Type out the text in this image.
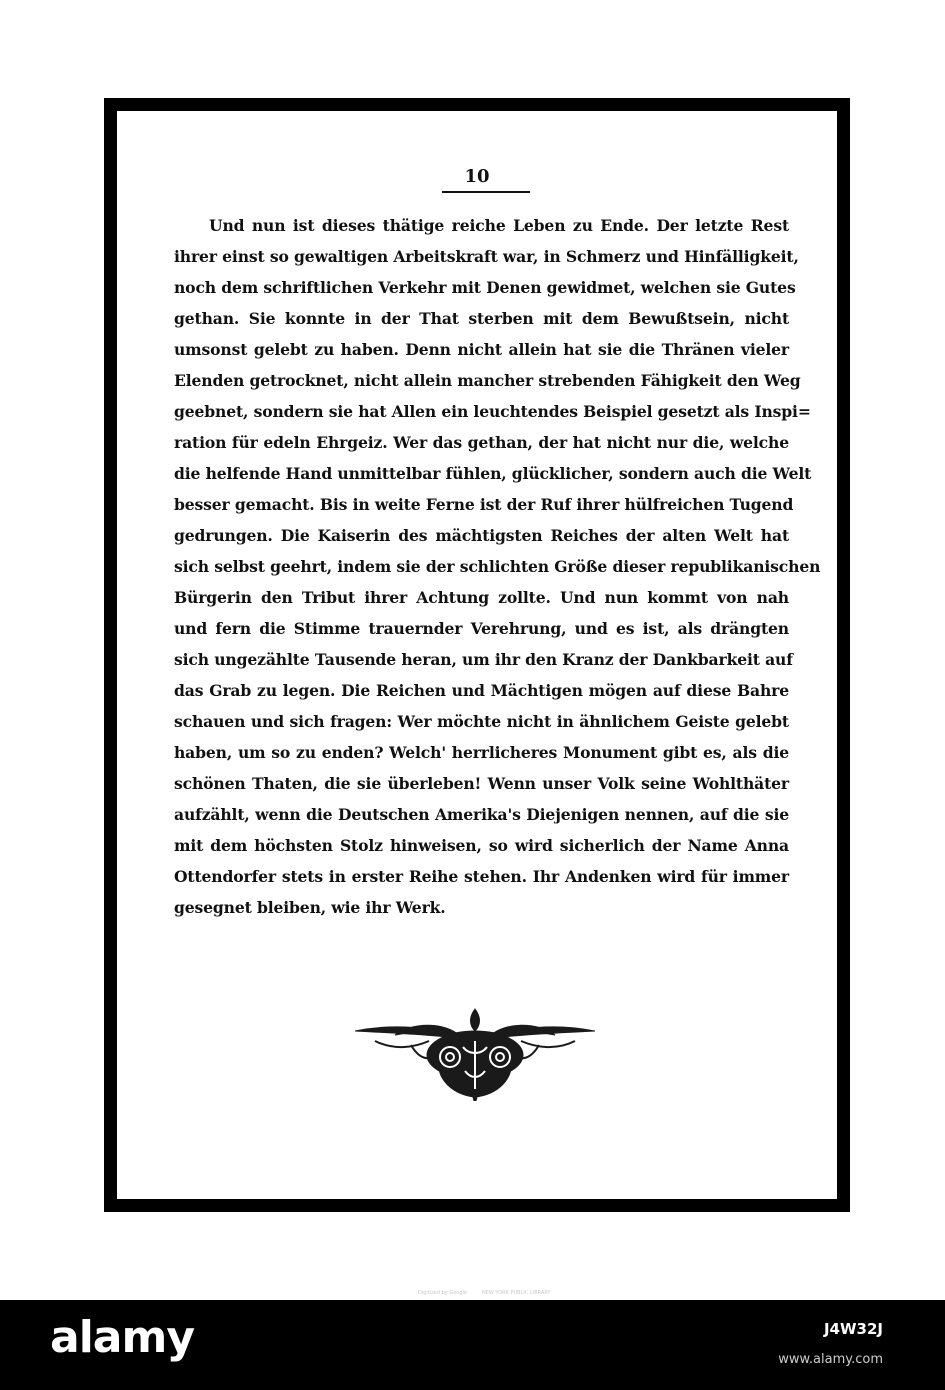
10
Und nun ist dieses thätige reiche Leben zu Ende. Der letzte Rest
ihrer einst so gewaltigen Arbeitskraft war, in Schmerz und Hinfälligkeit,
noch dem schriftlichen Verkehr mit Denen gewidmet, welchen sie Gutes
gethan. Sie konnte in der That sterben mit dem Bewußtsein, nicht
umsonst gelebt zu haben. Denn nicht allein hat sie die Thränen vieler
Elenden getrocknet, nicht allein mancher strebenden Fähigkeit den Weg
geebnet, sondern sie hat Allen ein leuchtendes Beispiel gesetzt als Inspi=
ration für edeln Ehrgeiz. Wer das gethan, der hat nicht nur die, welche
die helfende Hand unmittelbar fühlen, glücklicher, sondern auch die Welt
besser gemacht. Bis in weite Ferne ist der Ruf ihrer hülfreichen Tugend
gedrungen. Die Kaiserin des mächtigsten Reiches der alten Welt hat
sich selbst geehrt, indem sie der schlichten Größe dieser republikanischen
Bürgerin den Tribut ihrer Achtung zollte. Und nun kommt von nah
und fern die Stimme trauernder Verehrung, und es ist, als drängten
sich ungezählte Tausende heran, um ihr den Kranz der Dankbarkeit auf
das Grab zu legen. Die Reichen und Mächtigen mögen auf diese Bahre
schauen und sich fragen: Wer möchte nicht in ähnlichem Geiste gelebt
haben, um so zu enden? Welch' herrlicheres Monument gibt es, als die
schönen Thaten, die sie überleben! Wenn unser Volk seine Wohlthäter
aufzählt, wenn die Deutschen Amerika's Diejenigen nennen, auf die sie
mit dem höchsten Stolz hinweisen, so wird sicherlich der Name Anna
Ottendorfer stets in erster Reihe stehen. Ihr Andenken wird für immer
gesegnet bleiben, wie ihr Werk.
Digitized by Google	NEW YORK PUBLIC LIBRARY
alamy	J4W32J
www.alamy.com
